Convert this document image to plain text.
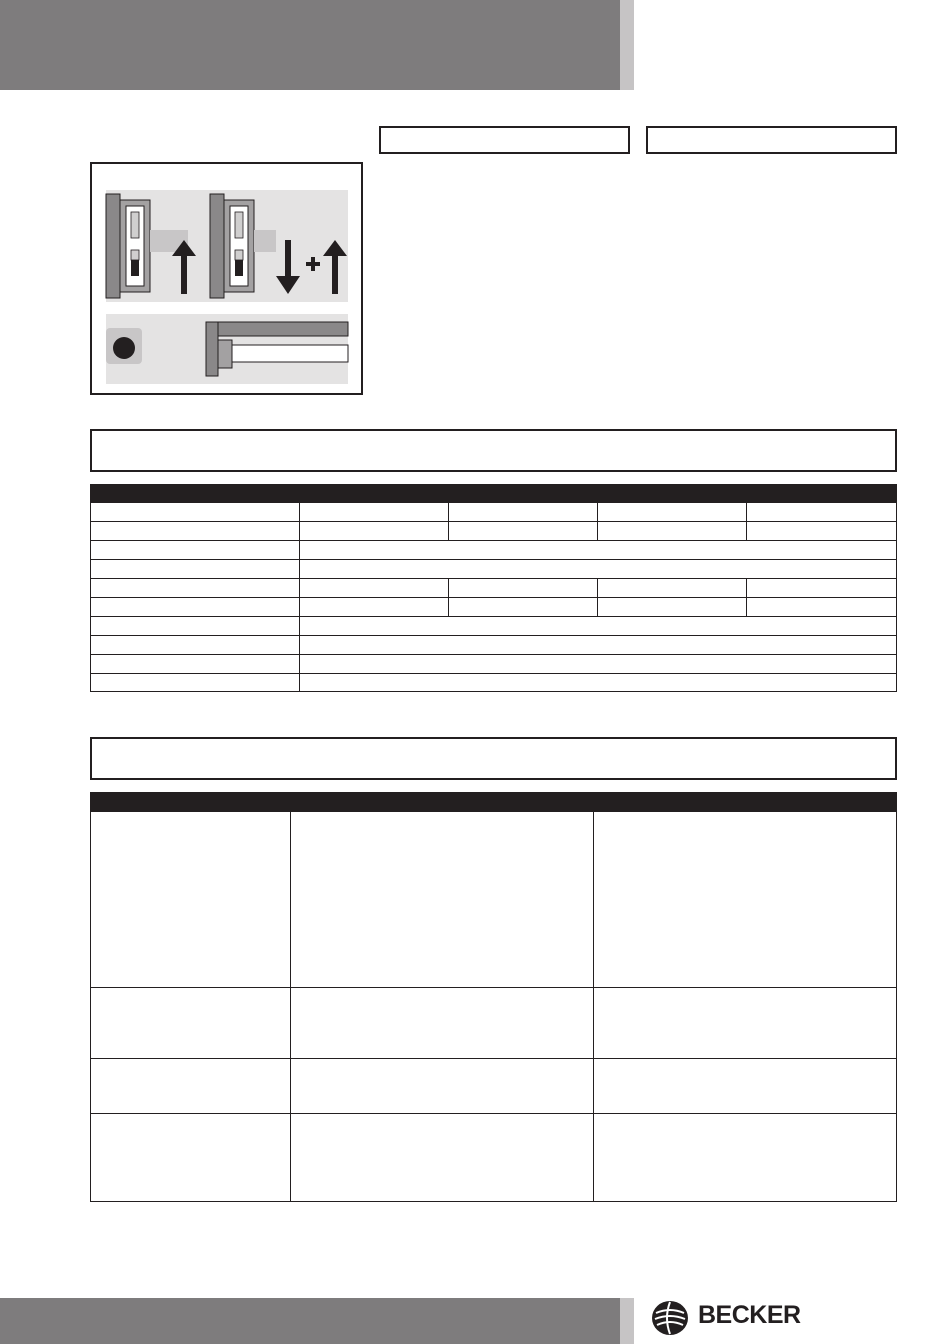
BECKER
